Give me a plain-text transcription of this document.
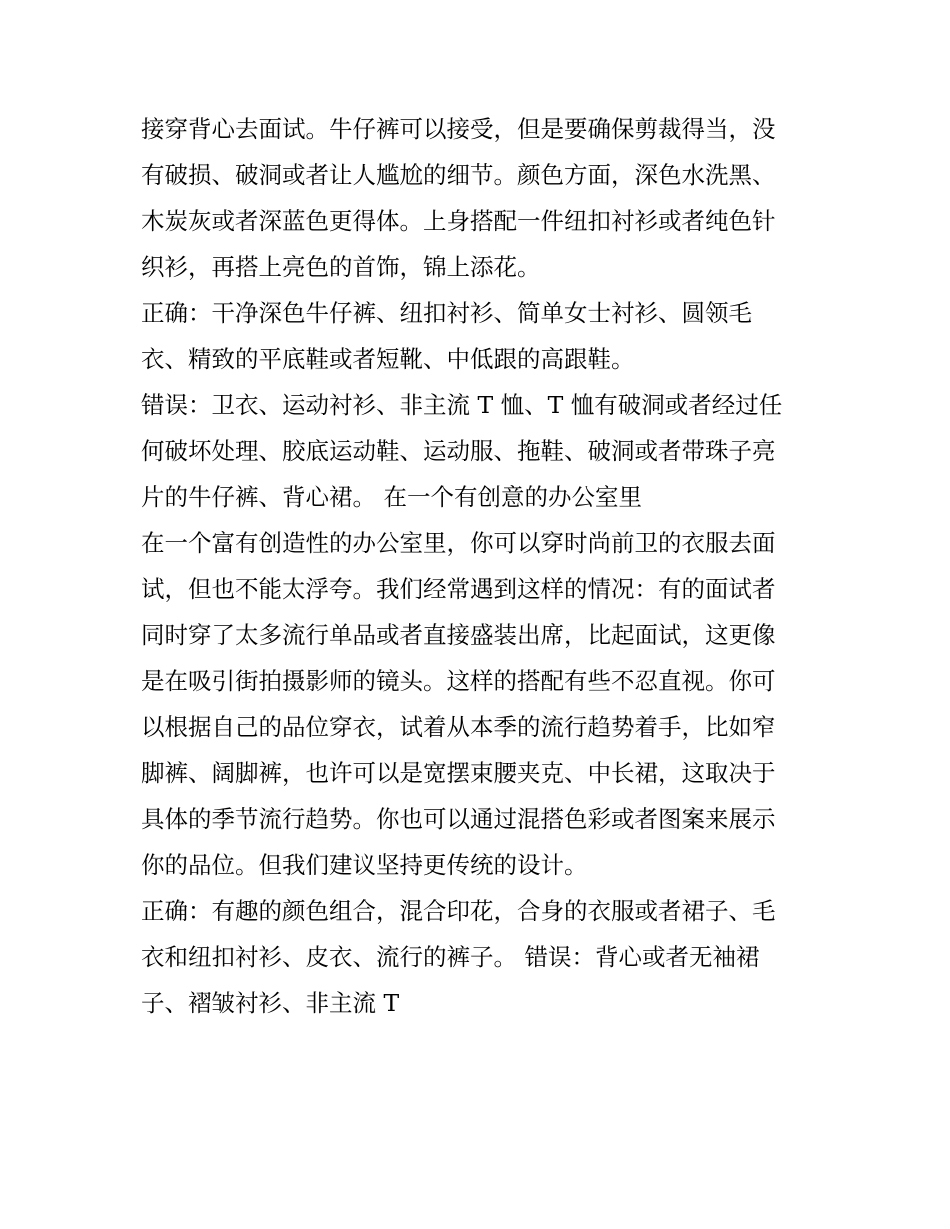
接穿背心去面试。牛仔裤可以接受，但是要确保剪裁得当，没
有破损、破洞或者让人尴尬的细节。颜色方面，深色水洗黑、
木炭灰或者深蓝色更得体。上身搭配一件纽扣衬衫或者纯色针
织衫，再搭上亮色的首饰，锦上添花。
正确：干净深色牛仔裤、纽扣衬衫、简单女士衬衫、圆领毛
衣、精致的平底鞋或者短靴、中低跟的高跟鞋。
错误：卫衣、运动衬衫、非主流 T 恤、T 恤有破洞或者经过任
何破坏处理、胶底运动鞋、运动服、拖鞋、破洞或者带珠子亮
片的牛仔裤、背心裙。 在一个有创意的办公室里
在一个富有创造性的办公室里，你可以穿时尚前卫的衣服去面
试，但也不能太浮夸。我们经常遇到这样的情况：有的面试者
同时穿了太多流行单品或者直接盛装出席，比起面试，这更像
是在吸引街拍摄影师的镜头。这样的搭配有些不忍直视。你可
以根据自己的品位穿衣，试着从本季的流行趋势着手，比如窄
脚裤、阔脚裤，也许可以是宽摆束腰夹克、中长裙，这取决于
具体的季节流行趋势。你也可以通过混搭色彩或者图案来展示
你的品位。但我们建议坚持更传统的设计。
正确：有趣的颜色组合，混合印花，合身的衣服或者裙子、毛
衣和纽扣衬衫、皮衣、流行的裤子。 错误：背心或者无袖裙
子、褶皱衬衫、非主流 T
